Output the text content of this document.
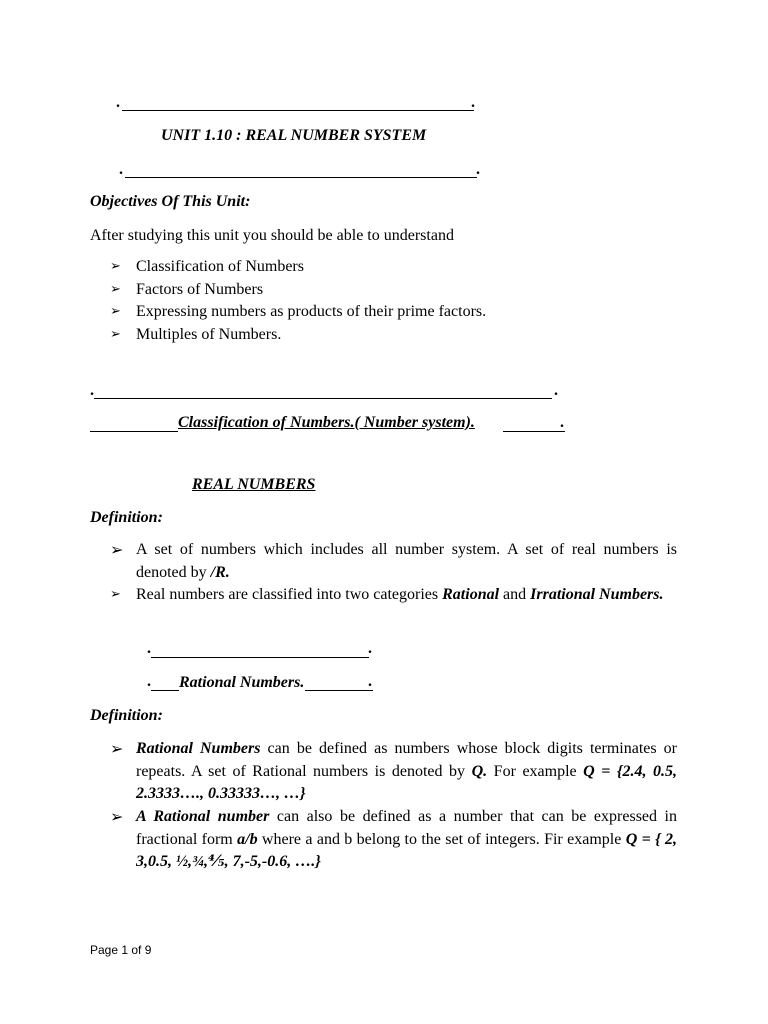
.	.
UNIT 1.10 : REAL NUMBER SYSTEM
.	.
Objectives Of This Unit:
After studying this unit you should be able to understand
➢ Classification of Numbers
➢ Factors of Numbers
➢ Expressing numbers as products of their prime factors.
➢ Multiples of Numbers.
.	.
Classification of Numbers.( Number system).	.
REAL NUMBERS
Definition:
➢ A set of numbers which includes all number system. A set of real numbers is denoted by /R.
➢ Real numbers are classified into two categories Rational and Irrational Numbers.
.	.
. Rational Numbers.	.
Definition:
➢ Rational Numbers can be defined as numbers whose block digits terminates or repeats. A set of Rational numbers is denoted by Q. For example Q = {2.4, 0.5, 2.3333…., 0.33333…, …}
➢ A Rational number can also be defined as a number that can be expressed in fractional form a/b where a and b belong to the set of integers. Fir example Q = { 2, 3,0.5, ½,¾,⅘, 7,-5,-0.6, ….}
Page 1 of 9
